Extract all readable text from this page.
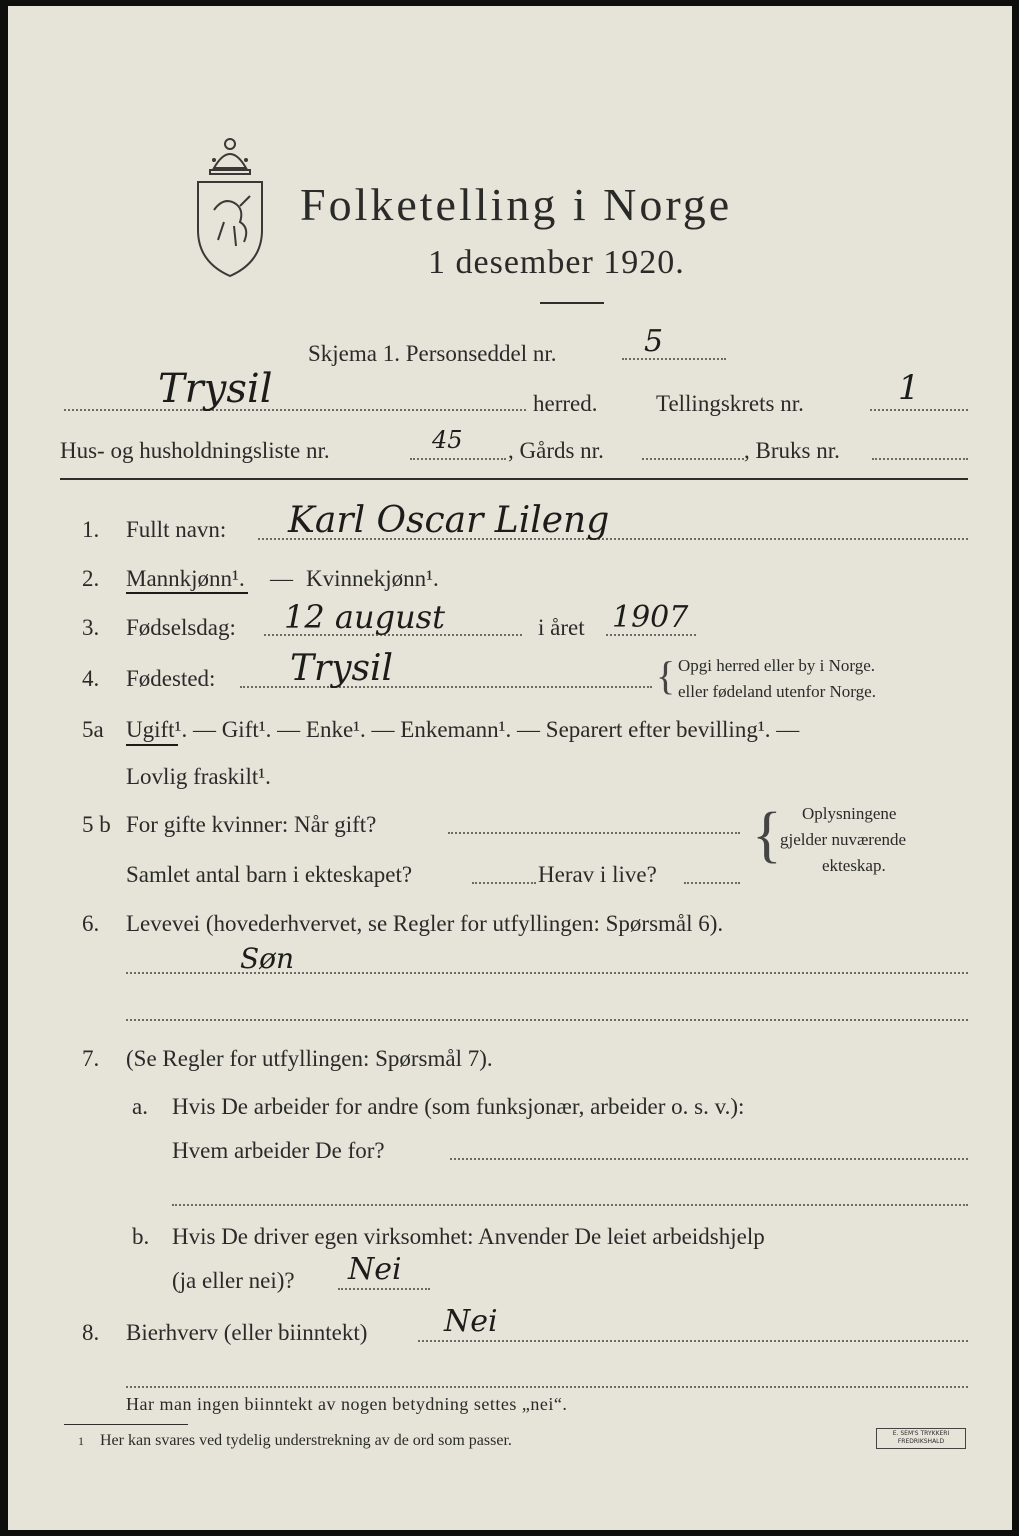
Folketelling i Norge
1 desember 1920.
Skjema 1. Personseddel nr.	5
Trysil	herred.	Tellingskrets nr.	1
Hus- og husholdningsliste nr.	45 , Gårds nr.	, Bruks nr.
1. Fullt navn: Karl Oscar Lileng
2. Mannkjønn¹. — Kvinnekjønn¹.
3. Fødselsdag: 12 august	i året 1907
4. Fødested: Trysil	{ Opgi herred eller by i Norge.
eller fødeland utenfor Norge.
5a Ugift¹. — Gift¹. — Enke¹. — Enkemann¹. — Separert efter bevilling¹. —
Lovlig fraskilt¹.
5 b For gifte kvinner: Når gift?
Samlet antal barn i ekteskapet?	Herav i live?
{ Oplysningene
gjelder nuværende
ekteskap.
6. Levevei (hovederhvervet, se Regler for utfyllingen: Spørsmål 6).
Søn
7. (Se Regler for utfyllingen: Spørsmål 7).
a. Hvis De arbeider for andre (som funksjonær, arbeider o. s. v.):
Hvem arbeider De for?
b. Hvis De driver egen virksomhet: Anvender De leiet arbeidshjelp
(ja eller nei)? Nei
8. Bierhverv (eller biinntekt)	Nei
Har man ingen biinntekt av nogen betydning settes „nei“.
1 Her kan svares ved tydelig understrekning av de ord som passer.	E. SEM'S TRYKKERI
FREDRIKSHALD
